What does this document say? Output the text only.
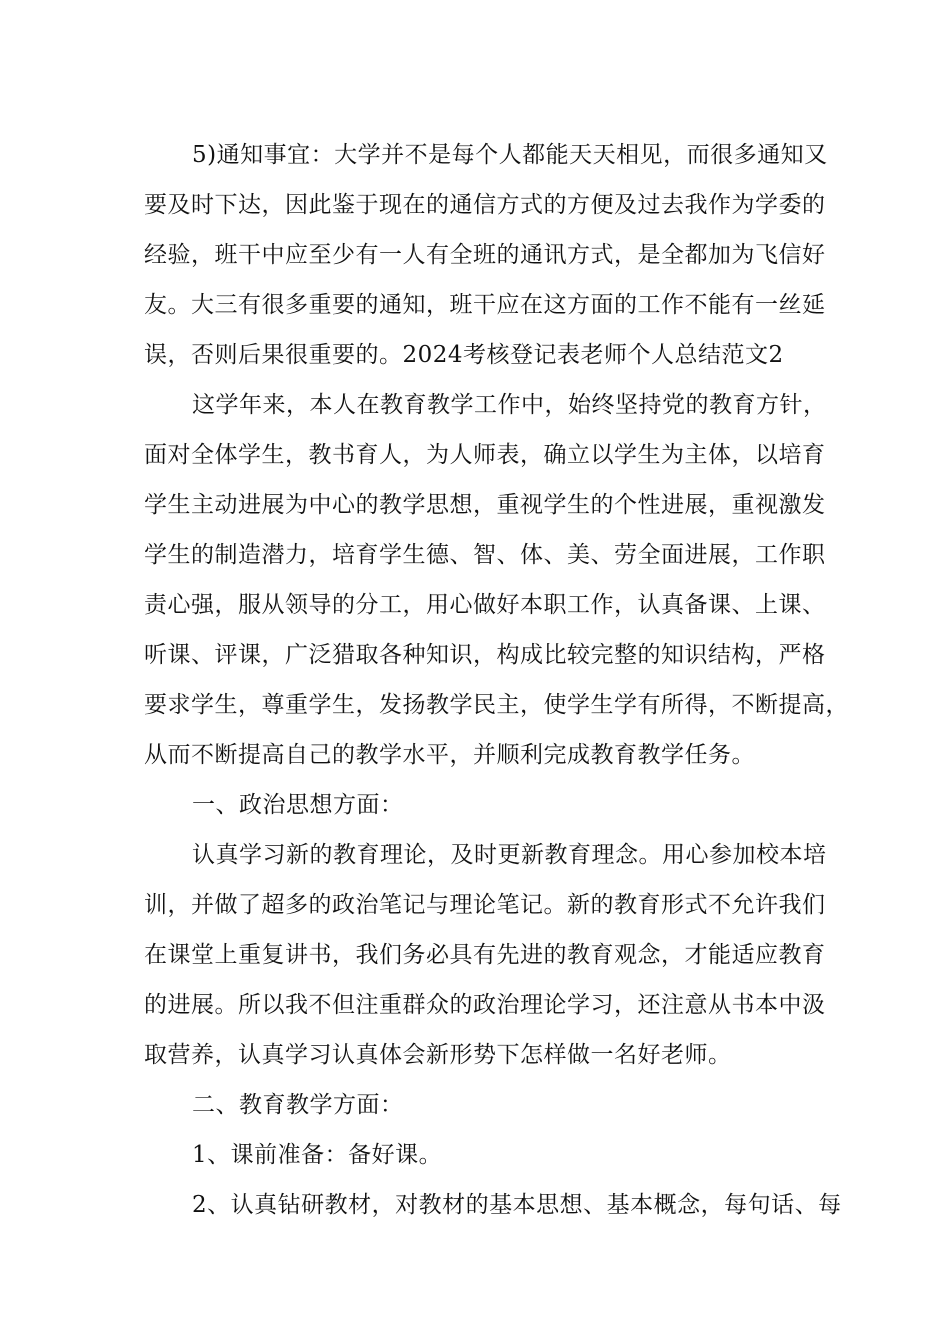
5)通知事宜：大学并不是每个人都能天天相见，而很多通知又
要及时下达，因此鉴于现在的通信方式的方便及过去我作为学委的
经验，班干中应至少有一人有全班的通讯方式，是全都加为飞信好
友。大三有很多重要的通知，班干应在这方面的工作不能有一丝延
误，否则后果很重要的。2024考核登记表老师个人总结范文2
这学年来，本人在教育教学工作中，始终坚持党的教育方针，
面对全体学生，教书育人，为人师表，确立以学生为主体，以培育
学生主动进展为中心的教学思想，重视学生的个性进展，重视激发
学生的制造潜力，培育学生德、智、体、美、劳全面进展，工作职
责心强，服从领导的分工，用心做好本职工作，认真备课、上课、
听课、评课，广泛猎取各种知识，构成比较完整的知识结构，严格
要求学生，尊重学生，发扬教学民主，使学生学有所得，不断提高，
从而不断提高自己的教学水平，并顺利完成教育教学任务。
一、政治思想方面：
认真学习新的教育理论，及时更新教育理念。用心参加校本培
训，并做了超多的政治笔记与理论笔记。新的教育形式不允许我们
在课堂上重复讲书，我们务必具有先进的教育观念，才能适应教育
的进展。所以我不但注重群众的政治理论学习，还注意从书本中汲
取营养，认真学习认真体会新形势下怎样做一名好老师。
二、教育教学方面：
1、课前准备：备好课。
2、认真钻研教材，对教材的基本思想、基本概念，每句话、每
